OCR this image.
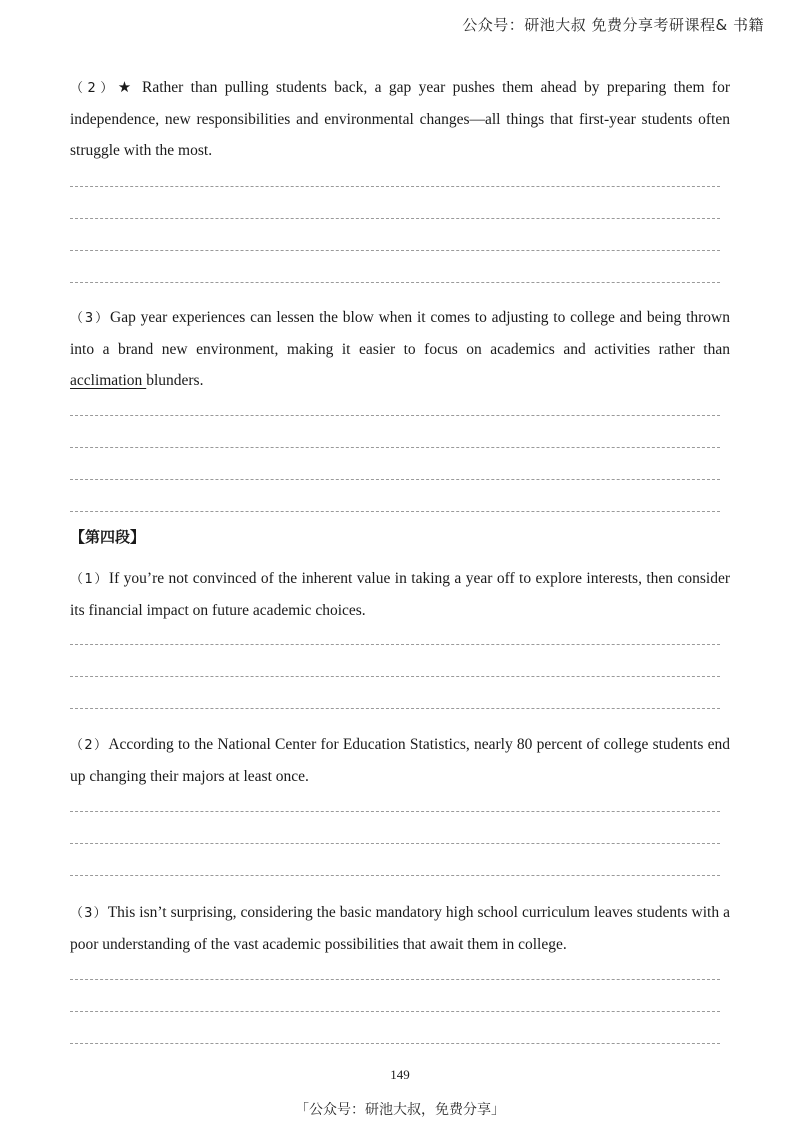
公众号：研池大叔 免费分享考研课程& 书籍

（2）★ Rather than pulling students back, a gap year pushes them ahead by preparing them for independence, new responsibilities and environmental changes—all things that first-year students often struggle with the most.

（3）Gap year experiences can lessen the blow when it comes to adjusting to college and being thrown into a brand new environment, making it easier to focus on academics and activities rather than acclimation blunders.

【第四段】

（1）If you’re not convinced of the inherent value in taking a year off to explore interests, then consider its financial impact on future academic choices.

（2）According to the National Center for Education Statistics, nearly 80 percent of college students end up changing their majors at least once.

（3）This isn’t surprising, considering the basic mandatory high school curriculum leaves students with a poor understanding of the vast academic possibilities that await them in college.

149
「公众号：研池大叔，免费分享」
